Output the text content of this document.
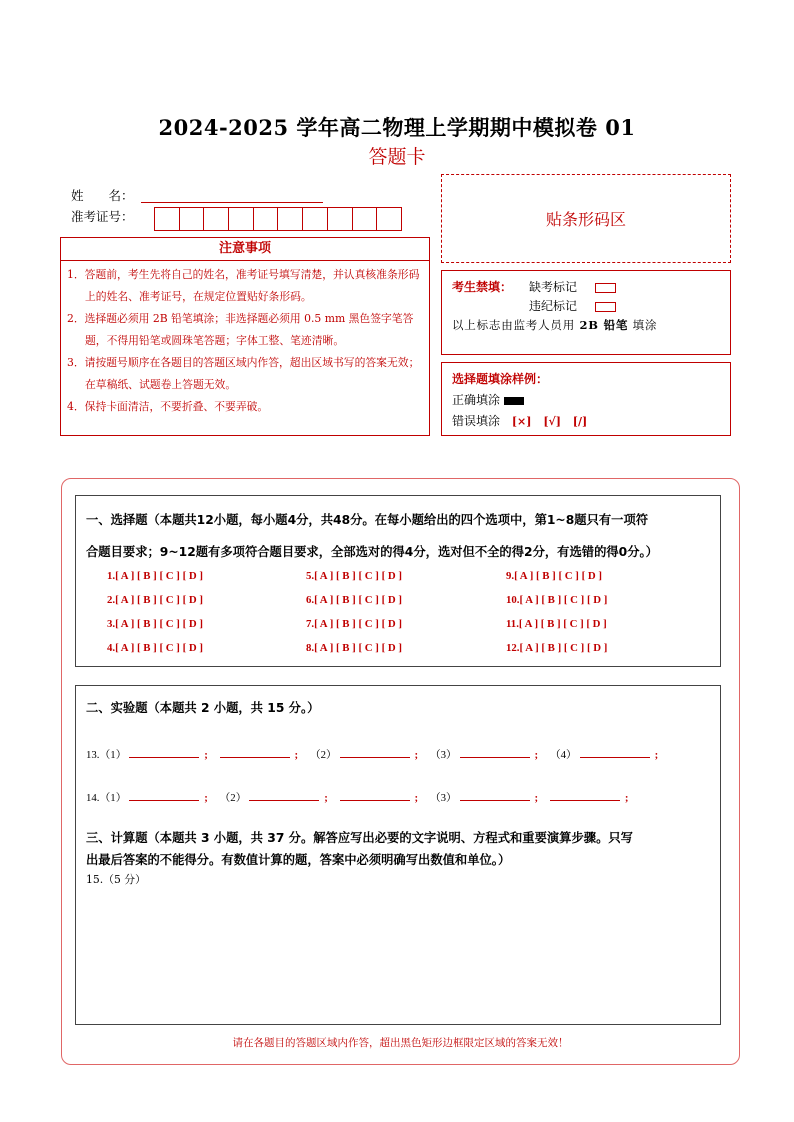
2024-2025 学年高二物理上学期期中模拟卷 01
答题卡
姓　　名：
准考证号：	贴条形码区
注意事项

1．答题前，考生先将自己的姓名，准考证号填写清楚，并认真核准条形码上的姓名、准考证号，在规定位置贴好条形码。

2．选择题必须用 2B 铅笔填涂；非选择题必须用 0.5 mm 黑色签字笔答题，不得用铅笔或圆珠笔答题；字体工整、笔迹清晰。

3．请按题号顺序在各题目的答题区域内作答，超出区域书写的答案无效；在草稿纸、试题卷上答题无效。

4．保持卡面清洁，不要折叠、不要弄破。

考生禁填： 缺考标记
违纪标记
以上标志由监考人员用 2B 铅笔 填涂
选择题填涂样例：
正确填涂
错误填涂 [×] [√] [/]
一、选择题（本题共12小题，每小题4分，共48分。在每小题给出的四个选项中，第1~8题只有一项符
合题目要求；9~12题有多项符合题目要求，全部选对的得4分，选对但不全的得2分，有选错的得0分。）
1.[ A ] [ B ] [ C ] [ D ]
2.[ A ] [ B ] [ C ] [ D ]
3.[ A ] [ B ] [ C ] [ D ]
4.[ A ] [ B ] [ C ] [ D ]
5.[ A ] [ B ] [ C ] [ D ]
6.[ A ] [ B ] [ C ] [ D ]
7.[ A ] [ B ] [ C ] [ D ]
8.[ A ] [ B ] [ C ] [ D ]
9.[ A ] [ B ] [ C ] [ D ]
10.[ A ] [ B ] [ C ] [ D ]
11.[ A ] [ B ] [ C ] [ D ]
12.[ A ] [ B ] [ C ] [ D ]
二、实验题（本题共 2 小题，共 15 分。）
13.（1）	;	; （2）	; （3）	; （4）	;
14.（1）	; （2）	;	; （3）	;	;
三、计算题（本题共 3 小题，共 37 分。解答应写出必要的文字说明、方程式和重要演算步骤。只写
出最后答案的不能得分。有数值计算的题，答案中必须明确写出数值和单位。）
15.（5 分）
请在各题目的答题区域内作答，超出黑色矩形边框限定区域的答案无效！
